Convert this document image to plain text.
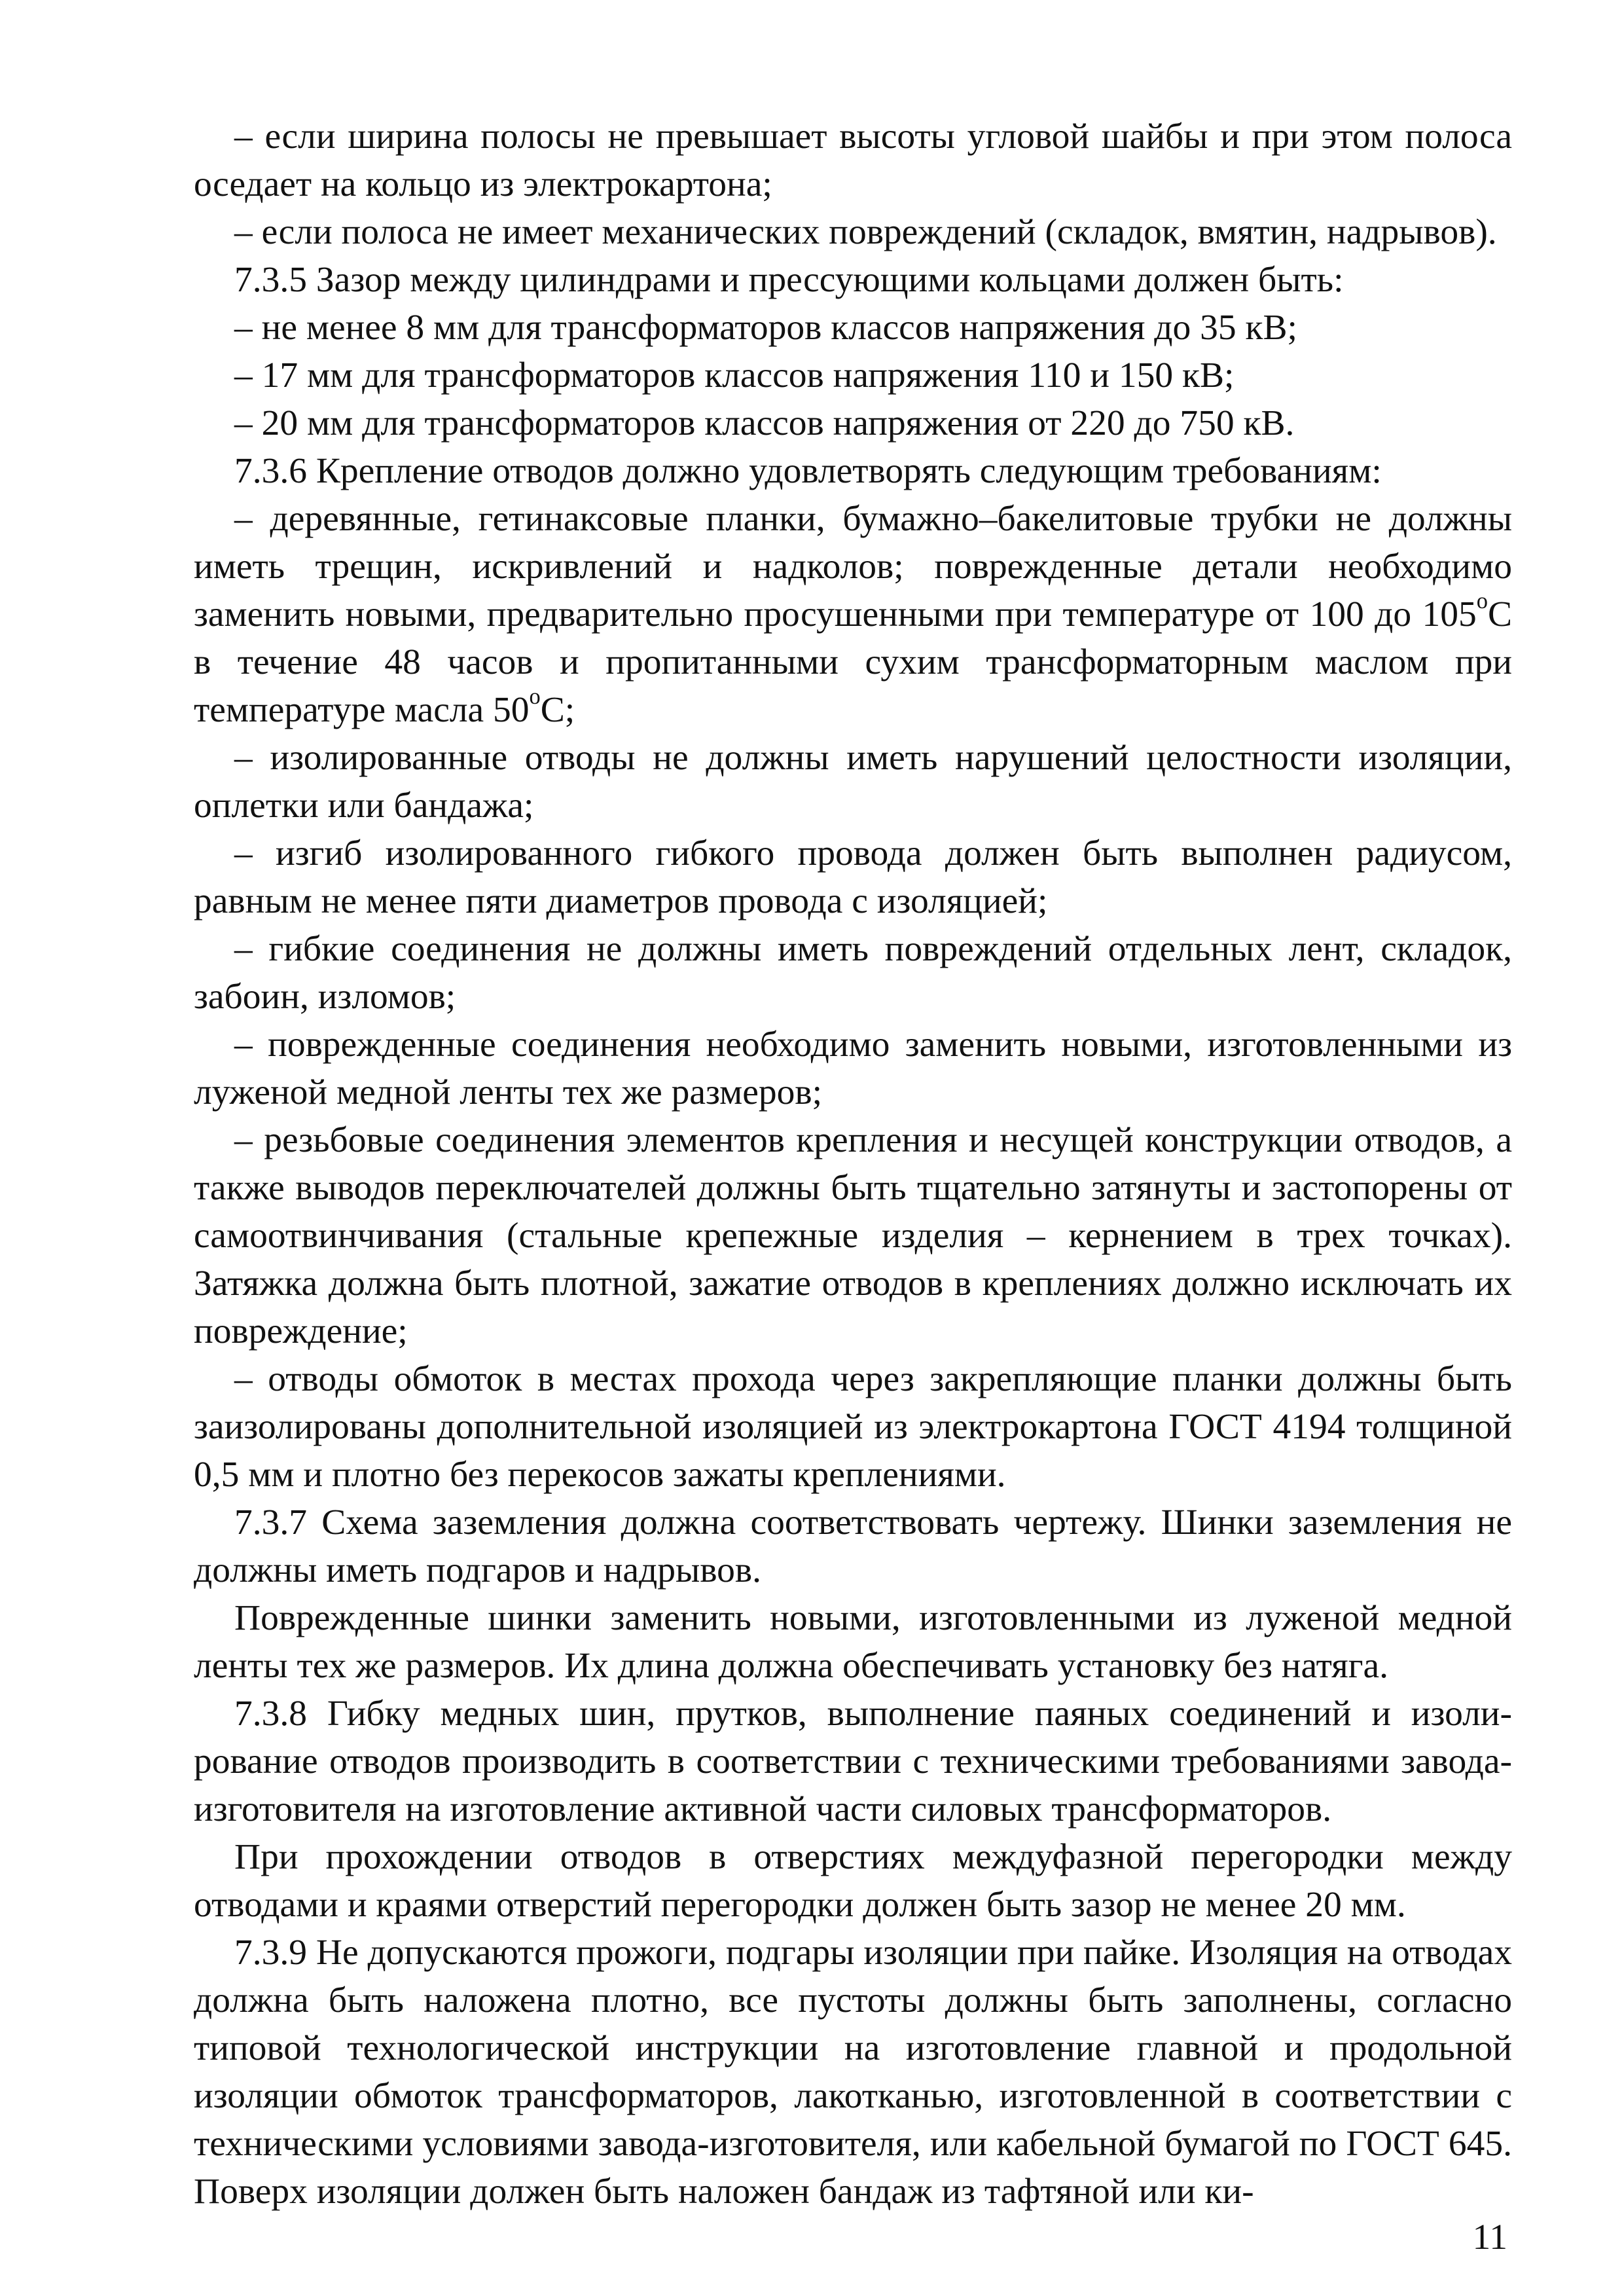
– если ширина полосы не превышает высоты угловой шайбы и при этом полоса оседает на кольцо из электрокартона;

– если полоса не имеет механических повреждений (складок, вмятин, надрывов).

7.3.5 Зазор между цилиндрами и прессующими кольцами должен быть:

– не менее 8 мм для трансформаторов классов напряжения до 35 кВ;

– 17 мм для трансформаторов классов напряжения 110 и 150 кВ;

– 20 мм для трансформаторов классов напряжения от 220 до 750 кВ.

7.3.6 Крепление отводов должно удовлетворять следующим требованиям:

– деревянные, гетинаксовые планки, бумажно–бакелитовые трубки не должны иметь трещин, искривлений и надколов; поврежденные детали необходимо заменить новыми, предварительно просушенными при температуре от 100 до 105$^o$С в течение 48 часов и пропитанными сухим трансформаторным маслом при температуре масла 50$^o$С;

– изолированные отводы не должны иметь нарушений целостности изоляции, оплетки или бандажа;

– изгиб изолированного гибкого провода должен быть выполнен радиусом, равным не менее пяти диаметров провода с изоляцией;

– гибкие соединения не должны иметь повреждений отдельных лент, складок, забоин, изломов;

– поврежденные соединения необходимо заменить новыми, изготовленными из луженой медной ленты тех же размеров;

– резьбовые соединения элементов крепления и несущей конструкции отводов, а также выводов переключателей должны быть тщательно затянуты и застопорены от самоотвинчивания (стальные крепежные изделия – кернением в трех точках). Затяжка должна быть плотной, зажатие отводов в креплениях должно исключать их повреждение;

– отводы обмоток в местах прохода через закрепляющие планки должны быть заизолированы дополнительной изоляцией из электрокартона ГОСТ 4194 толщиной 0,5 мм и плотно без перекосов зажаты креплениями.

7.3.7 Схема заземления должна соответствовать чертежу. Шинки заземления не должны иметь подгаров и надрывов.

Поврежденные шинки заменить новыми, изготовленными из луженой медной ленты тех же размеров. Их длина должна обеспечивать установку без натяга.

7.3.8 Гибку медных шин, прутков, выполнение паяных соединений и изолирование отводов производить в соответствии с техническими требованиями завода-изготовителя на изготовление активной части силовых трансформаторов.

При прохождении отводов в отверстиях междуфазной перегородки между отводами и краями отверстий перегородки должен быть зазор не менее 20 мм.

7.3.9 Не допускаются прожоги, подгары изоляции при пайке. Изоляция на отводах должна быть наложена плотно, все пустоты должны быть заполнены, согласно типовой технологической инструкции на изготовление главной и продольной изоляции обмоток трансформаторов, лакотканью, изготовленной в соответствии с техническими условиями завода-изготовителя, или кабельной бумагой по ГОСТ 645. Поверх изоляции должен быть наложен бандаж из тафтяной или ки-

11
